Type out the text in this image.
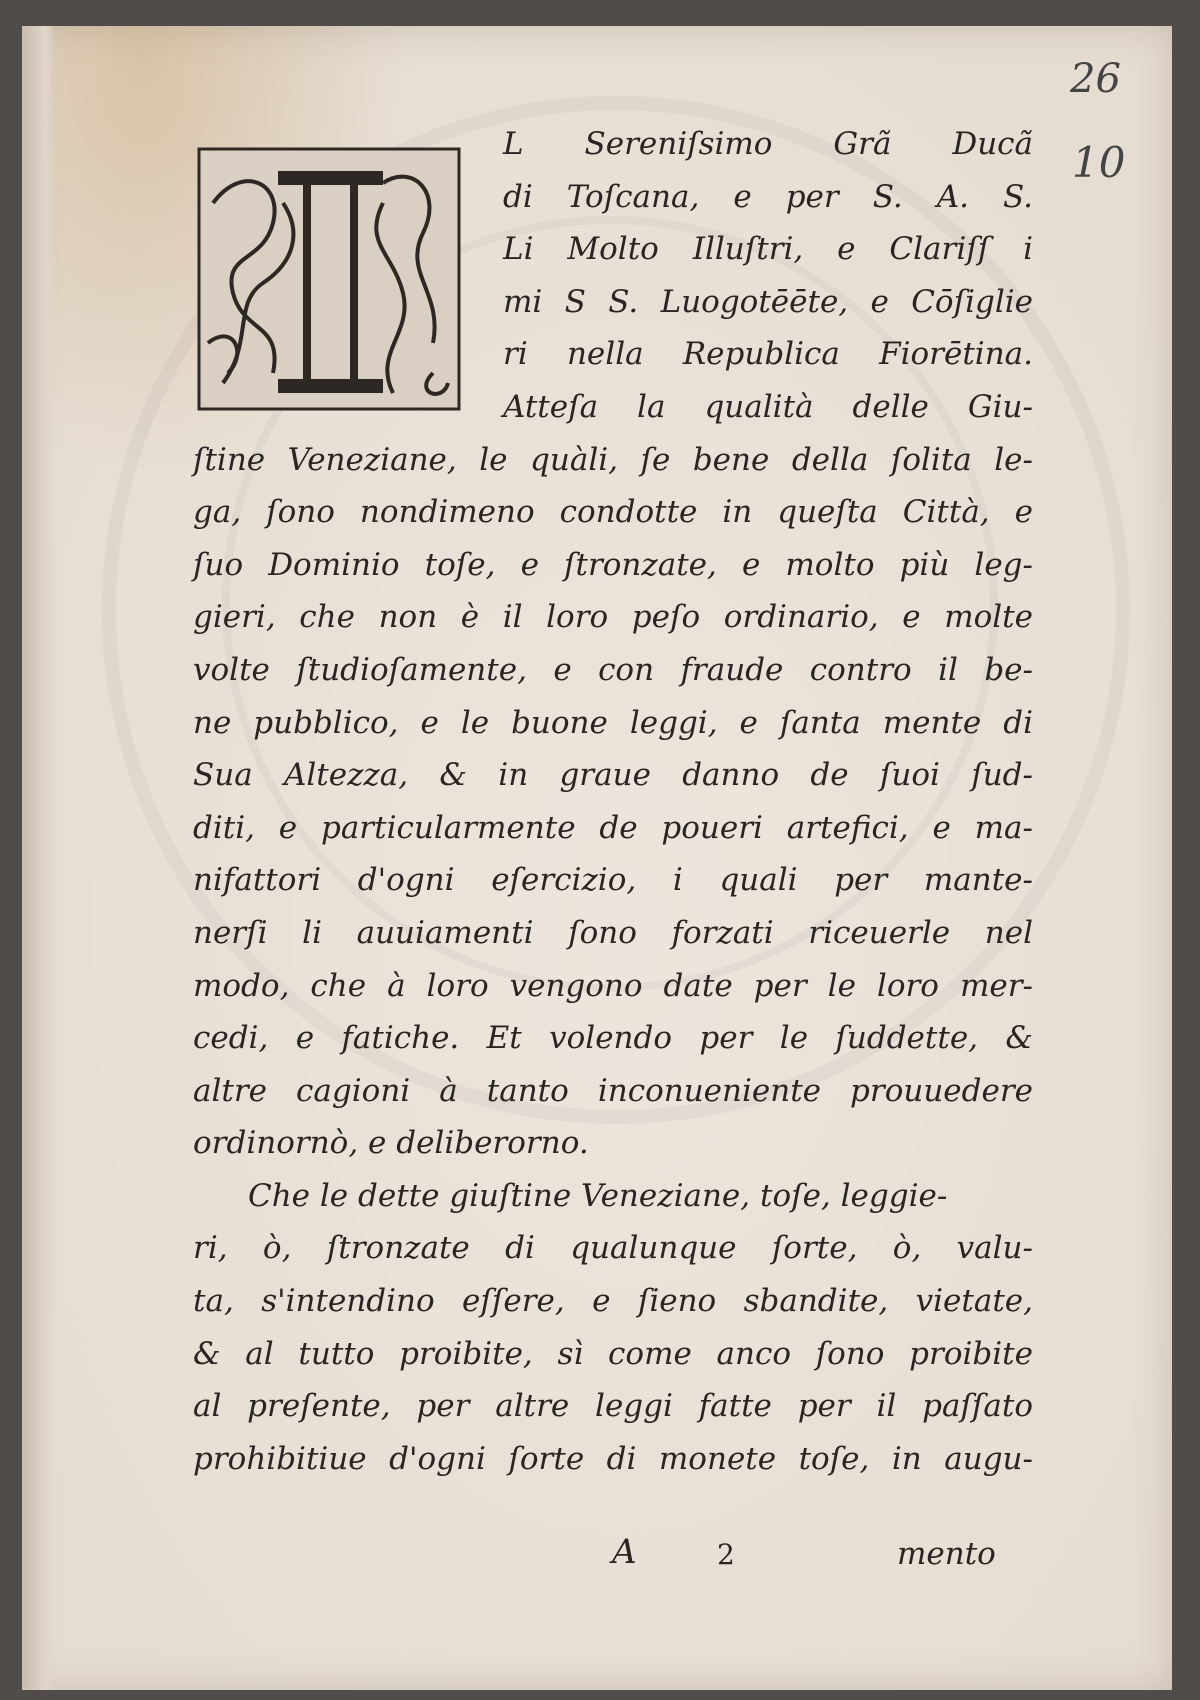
26
10
L Sereniſsimo Grã Ducã
di Toſcana, e per S. A. S.
Li Molto Illuſtri, e Clariſſ i
mi S S. Luogotēēte, e Cōſiglie
ri nella Republica Fiorētina.
Atteſa la qualità delle Giu-
ſtine Veneziane, le quàli, ſe bene della ſolita le-
ga, ſono nondimeno condotte in queſta Città, e
ſuo Dominio toſe, e ſtronzate, e molto più leg-
gieri, che non è il loro peſo ordinario, e molte
volte ſtudioſamente, e con fraude contro il be-
ne pubblico, e le buone leggi, e ſanta mente di
Sua Altezza, & in graue danno de ſuoi ſud-
diti, e particularmente de poueri artefici, e ma-
nifattori d'ogni eſercizio, i quali per mante-
nerſi li auuiamenti ſono forzati riceuerle nel
modo, che à loro vengono date per le loro mer-
cedi, e fatiche. Et volendo per le ſuddette, &
altre cagioni à tanto inconueniente prouuedere
ordinornò, e deliberorno.
Che le dette giuſtine Veneziane, toſe, leggie-
ri, ò, ſtronzate di qualunque ſorte, ò, valu-
ta, s'intendino eſſere, e ſieno sbandite, vietate,
& al tutto proibite, sì come anco ſono proibite
al preſente, per altre leggi fatte per il paſſato
prohibitiue d'ogni ſorte di monete toſe, in augu-
A	2	mento
